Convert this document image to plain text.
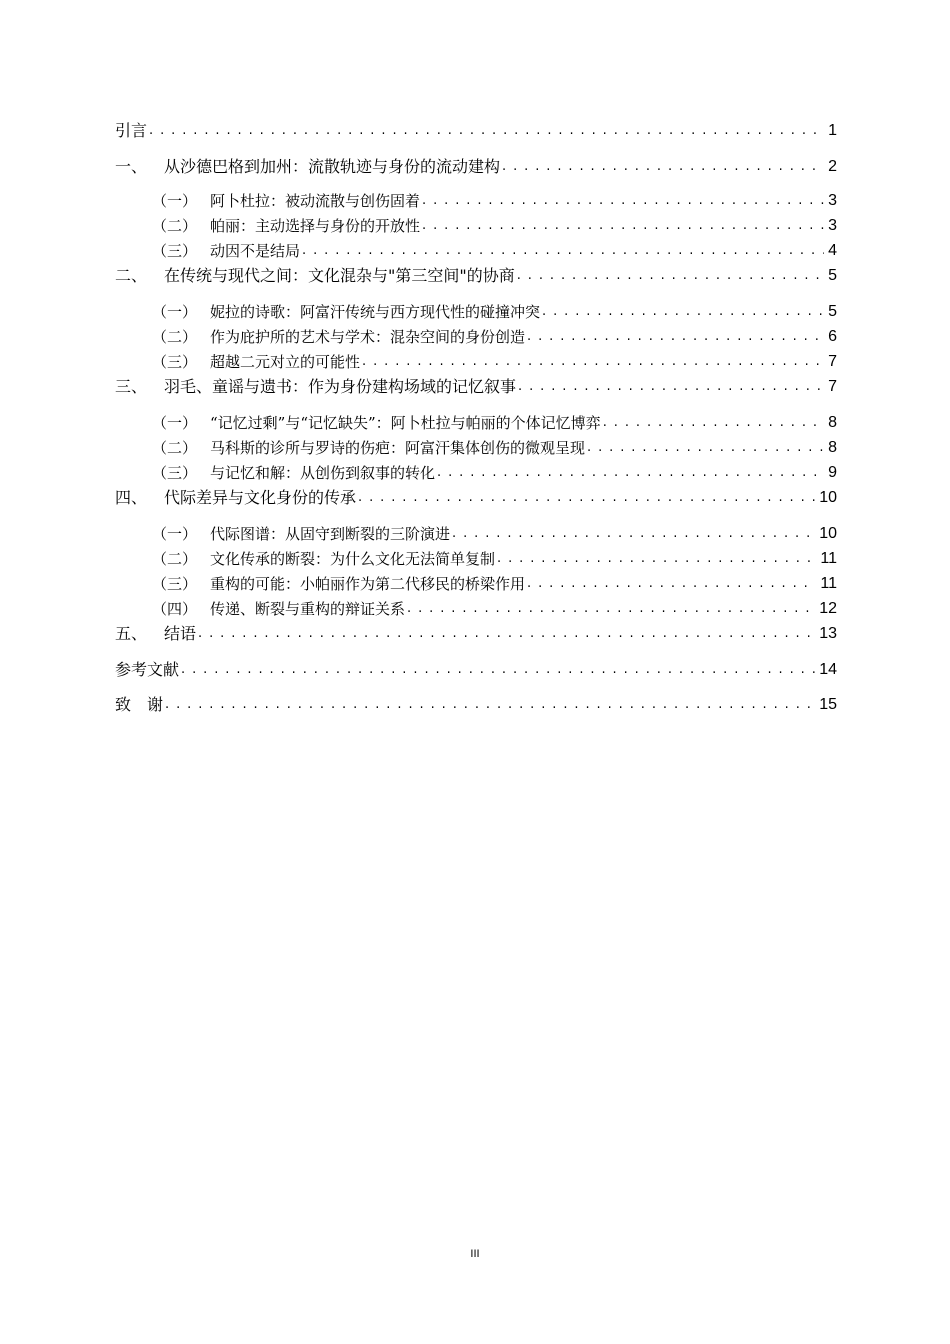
引言 . . .	1
一、	从沙德巴格到加州：流散轨迹与身份的流动建构 . . .	2
（一） 阿卜杜拉：被动流散与创伤固着 . . .	3
（二） 帕丽：主动选择与身份的开放性 . . .	3
（三） 动因不是结局 . . .	4
二、	在传统与现代之间：文化混杂与"第三空间"的协商 . . .	5
（一） 妮拉的诗歌：阿富汗传统与西方现代性的碰撞冲突 . . .	5
（二） 作为庇护所的艺术与学术：混杂空间的身份创造 . . .	6
（三） 超越二元对立的可能性 . . .	7
三、	羽毛、童谣与遗书：作为身份建构场域的记忆叙事 . . .	7
（一） “记忆过剩”与“记忆缺失”：阿卜杜拉与帕丽的个体记忆博弈 . . .	8
（二） 马科斯的诊所与罗诗的伤疤：阿富汗集体创伤的微观呈现 . . .	8
（三） 与记忆和解：从创伤到叙事的转化 . . .	9
四、	代际差异与文化身份的传承 . . .	10
（一） 代际图谱：从固守到断裂的三阶演进 . . .	10
（二） 文化传承的断裂：为什么文化无法简单复制 . . .	11
（三） 重构的可能：小帕丽作为第二代移民的桥梁作用 . . .	11
（四） 传递、断裂与重构的辩证关系 . . .	12
五、	结语 . . .	13
参考文献 . . .	14
致　谢 . . .	15
III
